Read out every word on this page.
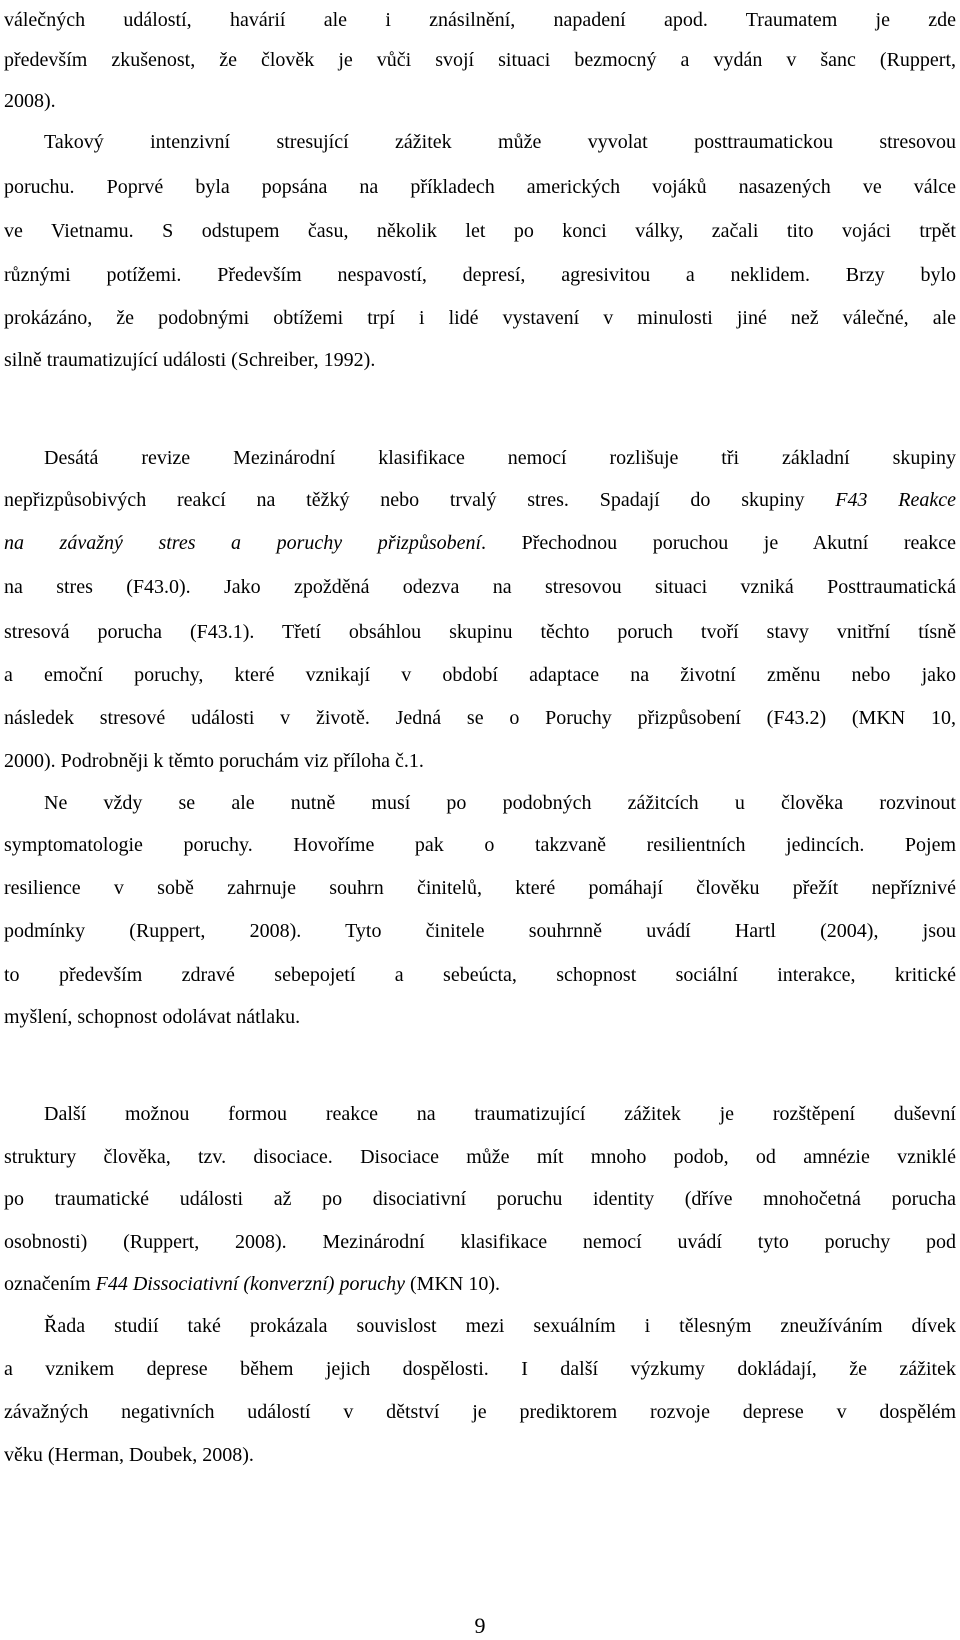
válečných událostí, havárií ale i znásilnění, napadení apod. Traumatem je zde
především zkušenost, že člověk je vůči svojí situaci bezmocný a vydán v šanc (Ruppert,
2008).
Takový intenzivní stresující zážitek může vyvolat posttraumatickou stresovou
poruchu. Poprvé byla popsána na příkladech amerických vojáků nasazených ve válce
ve Vietnamu. S odstupem času, několik let po konci války, začali tito vojáci trpět
různými potížemi. Především nespavostí, depresí, agresivitou a neklidem. Brzy bylo
prokázáno, že podobnými obtížemi trpí i lidé vystavení v minulosti jiné než válečné, ale
silně traumatizující události (Schreiber, 1992).
Desátá revize Mezinárodní klasifikace nemocí rozlišuje tři základní skupiny
nepřizpůsobivých reakcí na těžký nebo trvalý stres. Spadají do skupiny F43 Reakce
na závažný stres a poruchy přizpůsobení. Přechodnou poruchou je Akutní reakce
na stres (F43.0). Jako zpožděná odezva na stresovou situaci vzniká Posttraumatická
stresová porucha (F43.1). Třetí obsáhlou skupinu těchto poruch tvoří stavy vnitřní tísně
a emoční poruchy, které vznikají v období adaptace na životní změnu nebo jako
následek stresové události v životě. Jedná se o Poruchy přizpůsobení (F43.2) (MKN 10,
2000). Podrobněji k těmto poruchám viz příloha č.1.
Ne vždy se ale nutně musí po podobných zážitcích u člověka rozvinout
symptomatologie poruchy. Hovoříme pak o takzvaně resilientních jedincích. Pojem
resilience v sobě zahrnuje souhrn činitelů, které pomáhají člověku přežít nepříznivé
podmínky (Ruppert, 2008). Tyto činitele souhrnně uvádí Hartl (2004), jsou
to především zdravé sebepojetí a sebeúcta, schopnost sociální interakce, kritické
myšlení, schopnost odolávat nátlaku.
Další možnou formou reakce na traumatizující zážitek je rozštěpení duševní
struktury člověka, tzv. disociace. Disociace může mít mnoho podob, od amnézie vzniklé
po traumatické události až po disociativní poruchu identity (dříve mnohočetná porucha
osobnosti) (Ruppert, 2008). Mezinárodní klasifikace nemocí uvádí tyto poruchy pod
označením F44 Dissociativní (konverzní) poruchy (MKN 10).
Řada studií také prokázala souvislost mezi sexuálním i tělesným zneužíváním dívek
a vznikem deprese během jejich dospělosti. I další výzkumy dokládají, že zážitek
závažných negativních událostí v dětství je prediktorem rozvoje deprese v dospělém
věku (Herman, Doubek, 2008).
9
